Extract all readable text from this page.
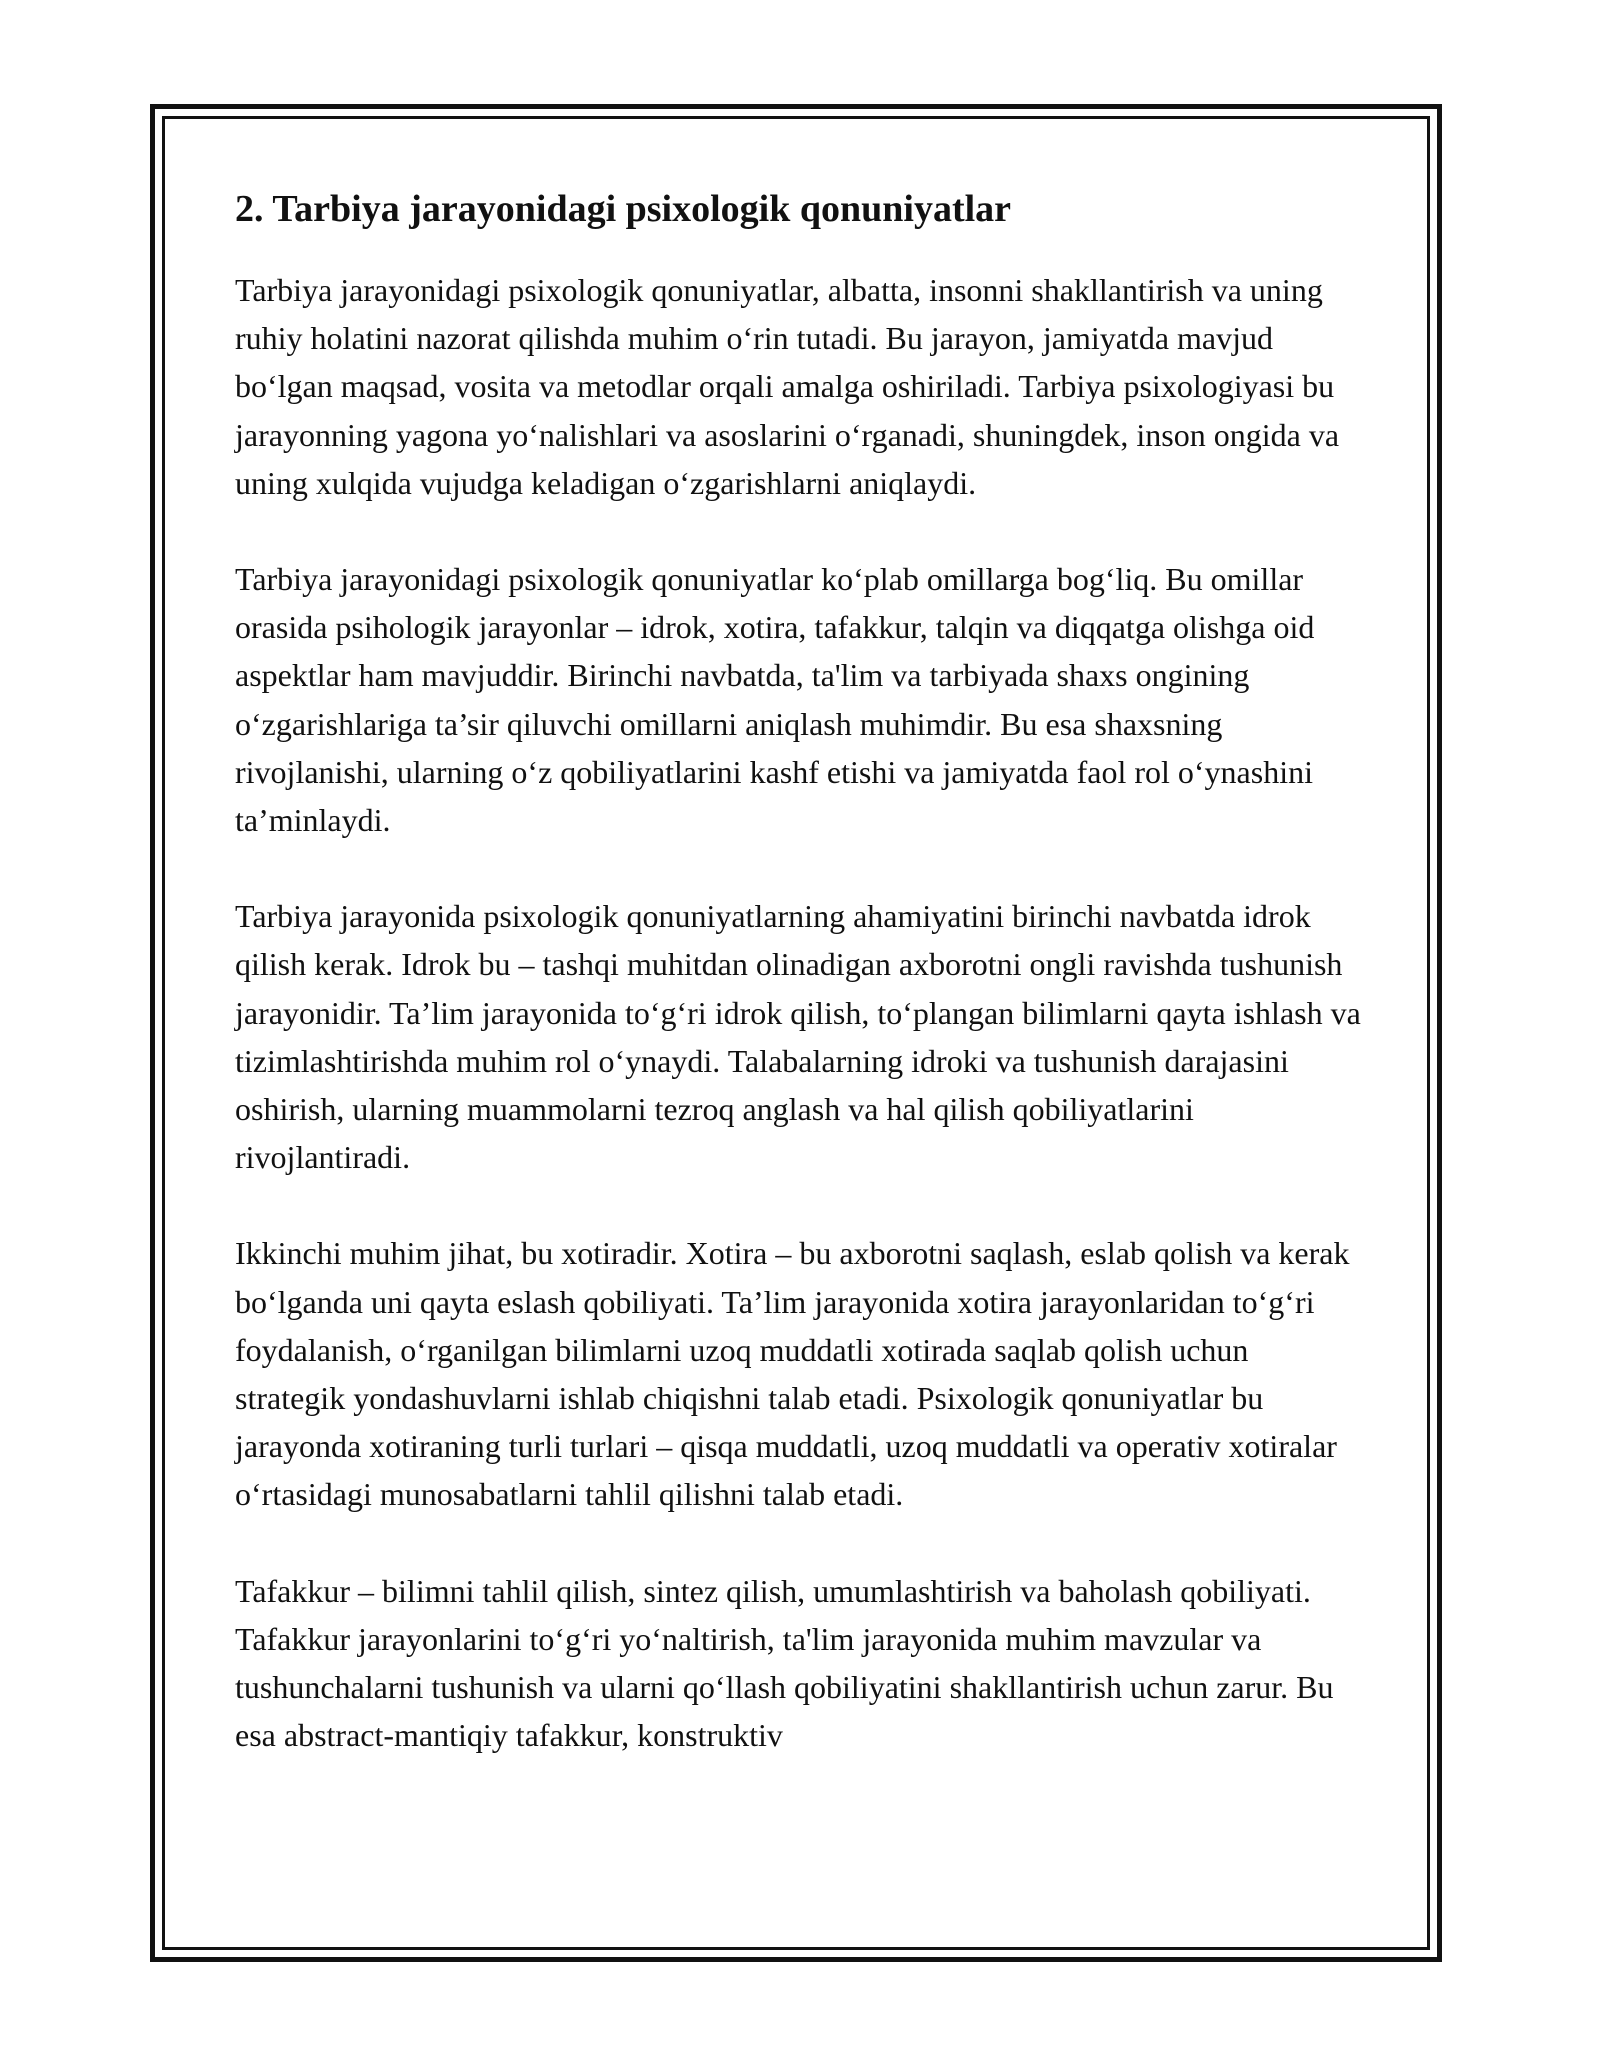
2. Tarbiya jarayonidagi psixologik qonuniyatlar

Tarbiya jarayonidagi psixologik qonuniyatlar, albatta, insonni shakllantirish va uning ruhiy holatini nazorat qilishda muhim o‘rin tutadi. Bu jarayon, jamiyatda mavjud bo‘lgan maqsad, vosita va metodlar orqali amalga oshiriladi. Tarbiya psixologiyasi bu jarayonning yagona yo‘nalishlari va asoslarini o‘rganadi, shuningdek, inson ongida va uning xulqida vujudga keladigan o‘zgarishlarni aniqlaydi.

Tarbiya jarayonidagi psixologik qonuniyatlar ko‘plab omillarga bog‘liq. Bu omillar orasida psihologik jarayonlar – idrok, xotira, tafakkur, talqin va diqqatga olishga oid aspektlar ham mavjuddir. Birinchi navbatda, ta'lim va tarbiyada shaxs ongining o‘zgarishlariga ta’sir qiluvchi omillarni aniqlash muhimdir. Bu esa shaxsning rivojlanishi, ularning o‘z qobiliyatlarini kashf etishi va jamiyatda faol rol o‘ynashini ta’minlaydi.

Tarbiya jarayonida psixologik qonuniyatlarning ahamiyatini birinchi navbatda idrok qilish kerak. Idrok bu – tashqi muhitdan olinadigan axborotni ongli ravishda tushunish jarayonidir. Ta’lim jarayonida to‘g‘ri idrok qilish, to‘plangan bilimlarni qayta ishlash va tizimlashtirishda muhim rol o‘ynaydi. Talabalarning idroki va tushunish darajasini oshirish, ularning muammolarni tezroq anglash va hal qilish qobiliyatlarini rivojlantiradi.

Ikkinchi muhim jihat, bu xotiradir. Xotira – bu axborotni saqlash, eslab qolish va kerak bo‘lganda uni qayta eslash qobiliyati. Ta’lim jarayonida xotira jarayonlaridan to‘g‘ri foydalanish, o‘rganilgan bilimlarni uzoq muddatli xotirada saqlab qolish uchun strategik yondashuvlarni ishlab chiqishni talab etadi. Psixologik qonuniyatlar bu jarayonda xotiraning turli turlari – qisqa muddatli, uzoq muddatli va operativ xotiralar o‘rtasidagi munosabatlarni tahlil qilishni talab etadi.

Tafakkur – bilimni tahlil qilish, sintez qilish, umumlashtirish va baholash qobiliyati. Tafakkur jarayonlarini to‘g‘ri yo‘naltirish, ta'lim jarayonida muhim mavzular va tushunchalarni tushunish va ularni qo‘llash qobiliyatini shakllantirish uchun zarur. Bu esa abstract-mantiqiy tafakkur, konstruktiv
